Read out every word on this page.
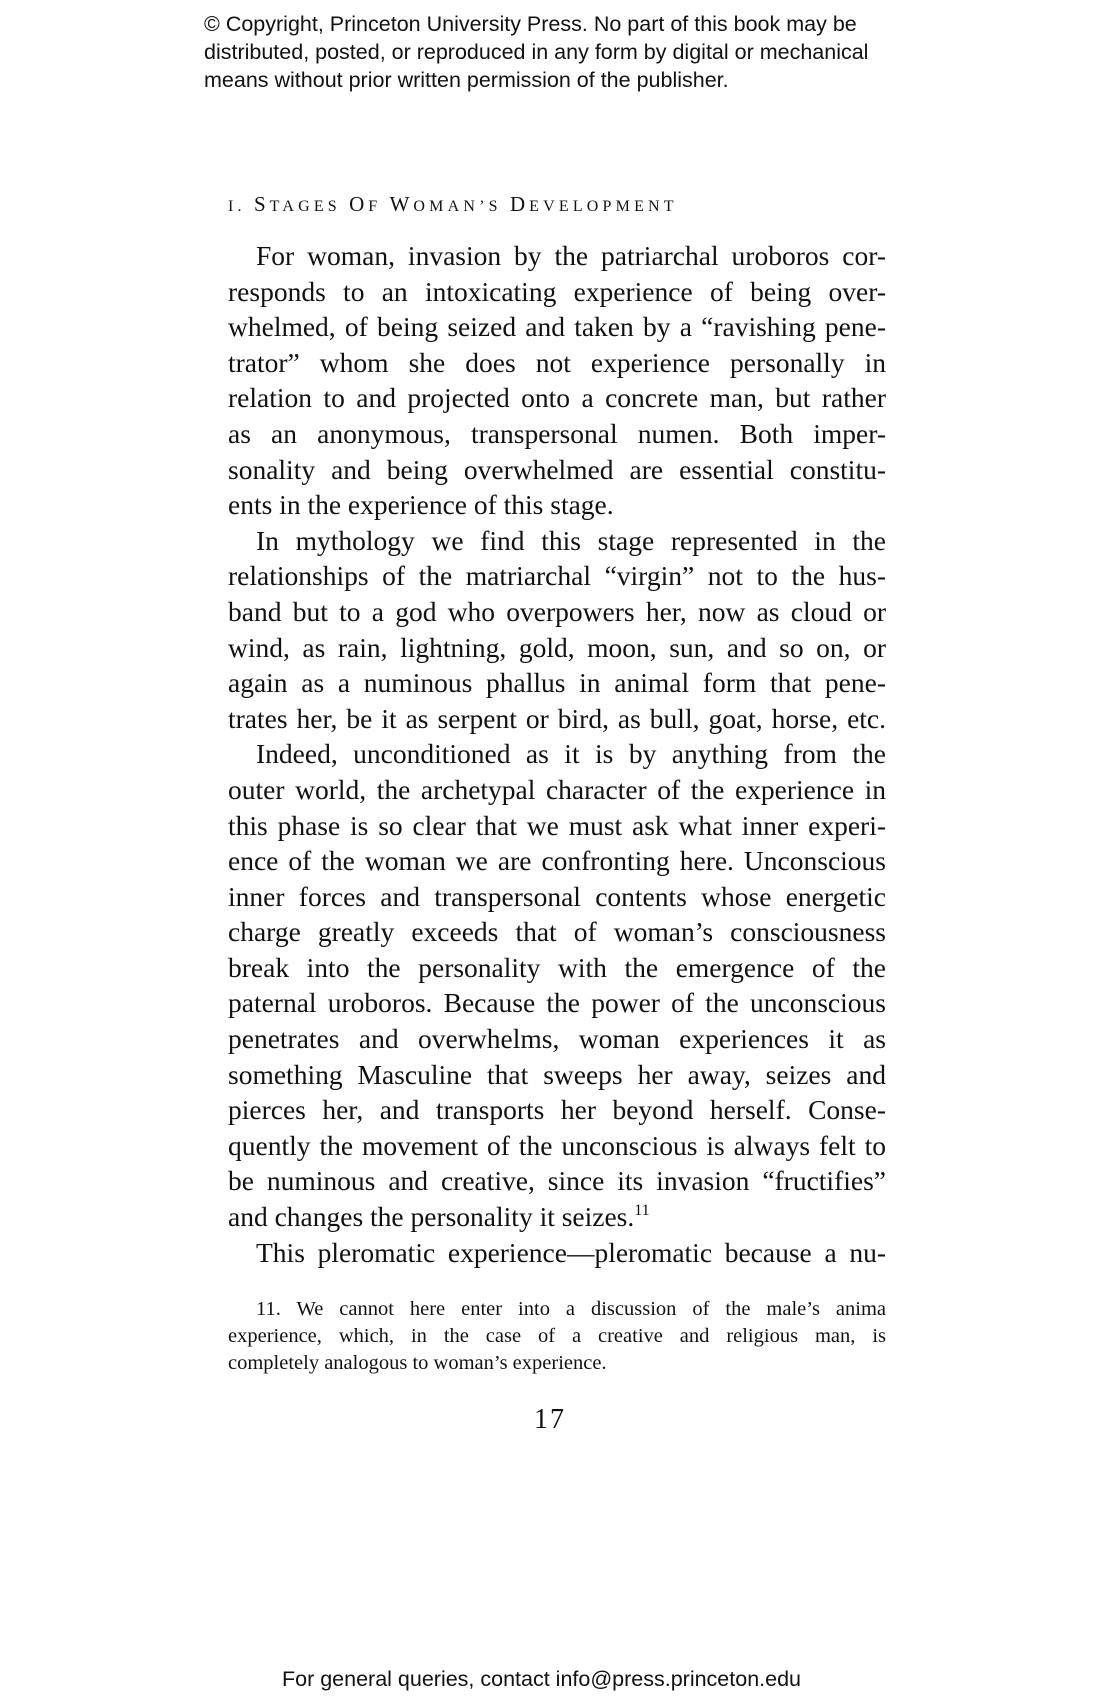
© Copyright, Princeton University Press. No part of this book may be
distributed, posted, or reproduced in any form by digital or mechanical
means without prior written permission of the publisher.
I. STAGES OF WOMAN’S DEVELOPMENT
For woman, invasion by the patriarchal uroboros cor-
responds to an intoxicating experience of being over-
whelmed, of being seized and taken by a “ravishing pene-
trator” whom she does not experience personally in
relation to and projected onto a concrete man, but rather
as an anonymous, transpersonal numen. Both imper-
sonality and being overwhelmed are essential constitu-
ents in the experience of this stage.
In mythology we find this stage represented in the
relationships of the matriarchal “virgin” not to the hus-
band but to a god who overpowers her, now as cloud or
wind, as rain, lightning, gold, moon, sun, and so on, or
again as a numinous phallus in animal form that pene-
trates her, be it as serpent or bird, as bull, goat, horse, etc.
Indeed, unconditioned as it is by anything from the
outer world, the archetypal character of the experience in
this phase is so clear that we must ask what inner experi-
ence of the woman we are confronting here. Unconscious
inner forces and transpersonal contents whose energetic
charge greatly exceeds that of woman’s consciousness
break into the personality with the emergence of the
paternal uroboros. Because the power of the unconscious
penetrates and overwhelms, woman experiences it as
something Masculine that sweeps her away, seizes and
pierces her, and transports her beyond herself. Conse-
quently the movement of the unconscious is always felt to
be numinous and creative, since its invasion “fructifies”
and changes the personality it seizes.$^{11}$
This pleromatic experience—pleromatic because a nu-
11. We cannot here enter into a discussion of the male’s anima
experience, which, in the case of a creative and religious man, is
completely analogous to woman’s experience.
17
For general queries, contact info@press.princeton.edu
